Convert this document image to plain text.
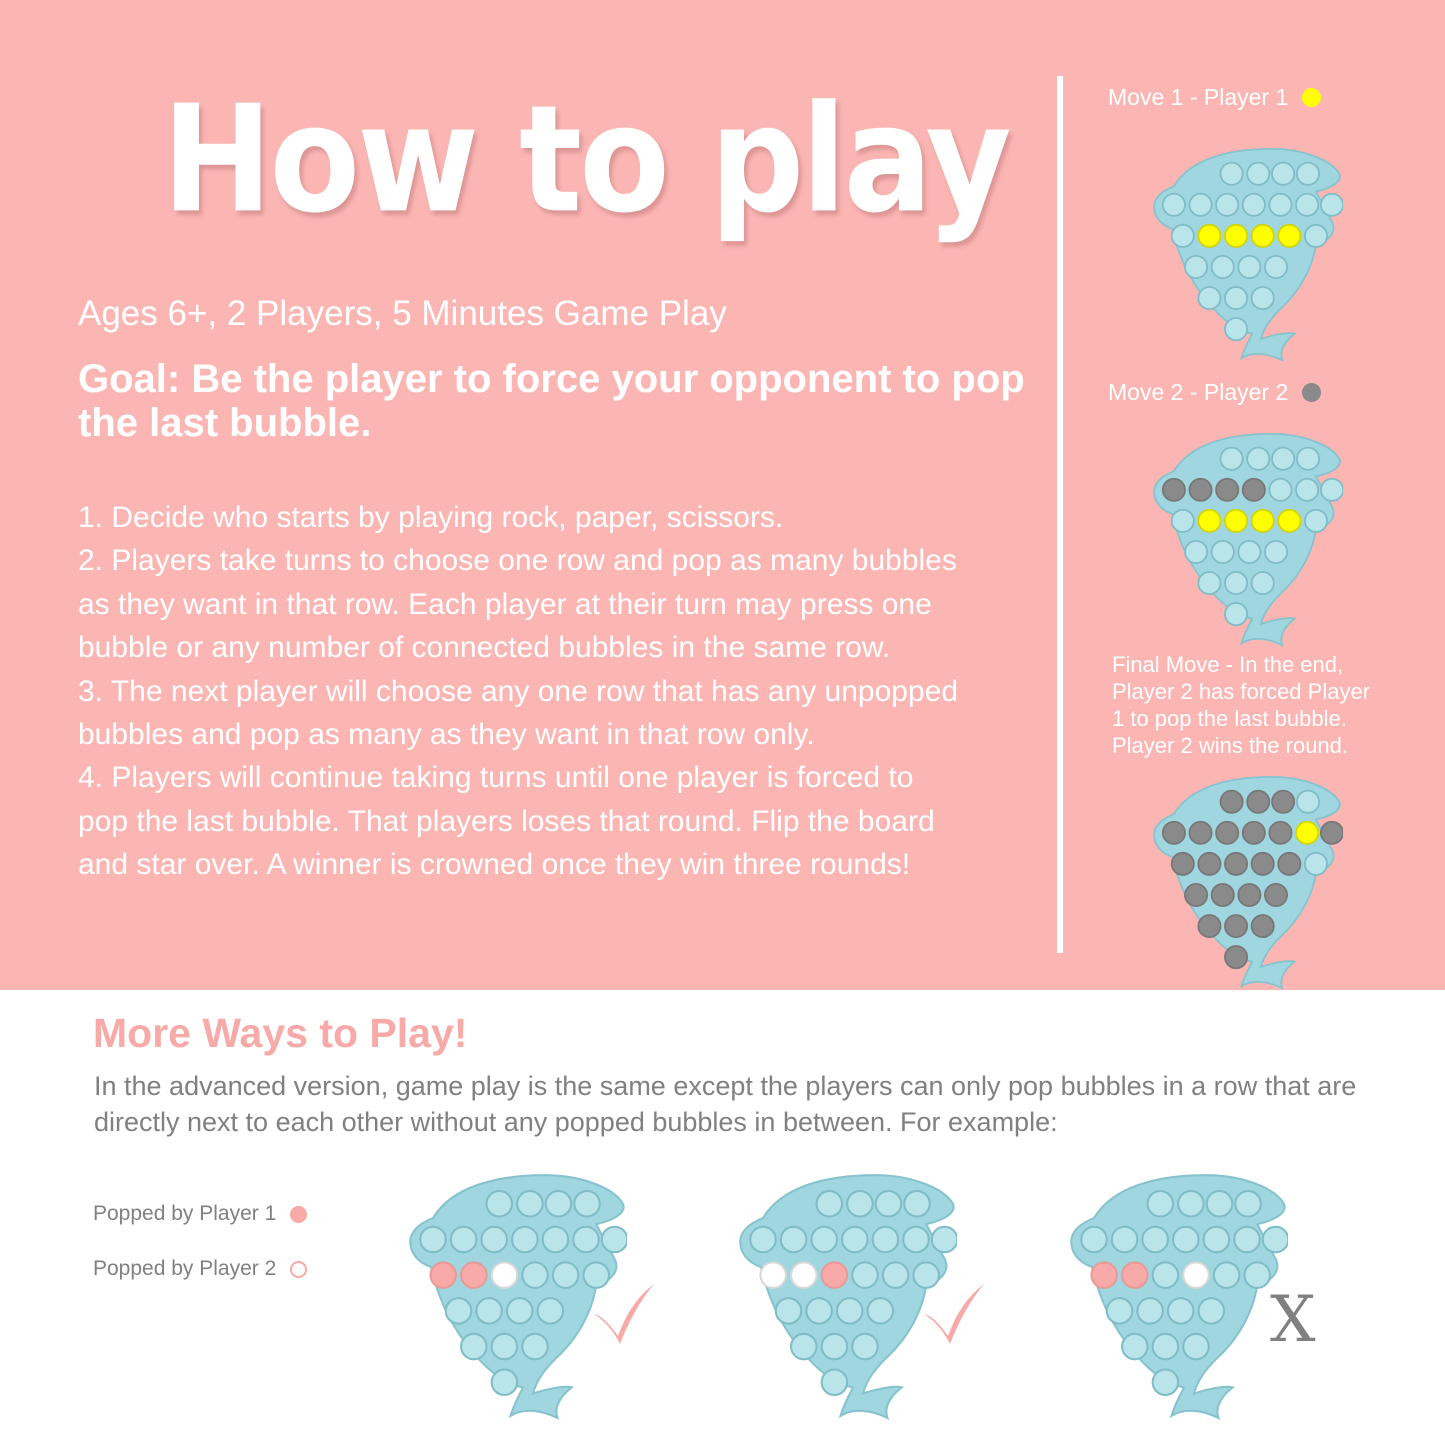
How to play
Ages 6+, 2 Players, 5 Minutes Game Play
Goal: Be the player to force your opponent to pop the last bubble.
1. Decide who starts by playing rock, paper, scissors.
2. Players take turns to choose one row and pop as many bubbles
as they want in that row. Each player at their turn may press one
bubble or any number of connected bubbles in the same row.
3. The next player will choose any one row that has any unpopped
bubbles and pop as many as they want in that row only.
4. Players will continue taking turns until one player is forced to
pop the last bubble. That players loses that round. Flip the board
and star over. A winner is crowned once they win three rounds!
Move 1 - Player 1
Move 2 - Player 2
Final Move - In the end,
Player 2 has forced Player
1 to pop the last bubble.
Player 2 wins the round.
More Ways to Play!
In the advanced version, game play is the same except the players can only pop bubbles in a row that are directly next to each other without any popped bubbles in between. For example:
Popped by Player 1
Popped by Player 2
X
